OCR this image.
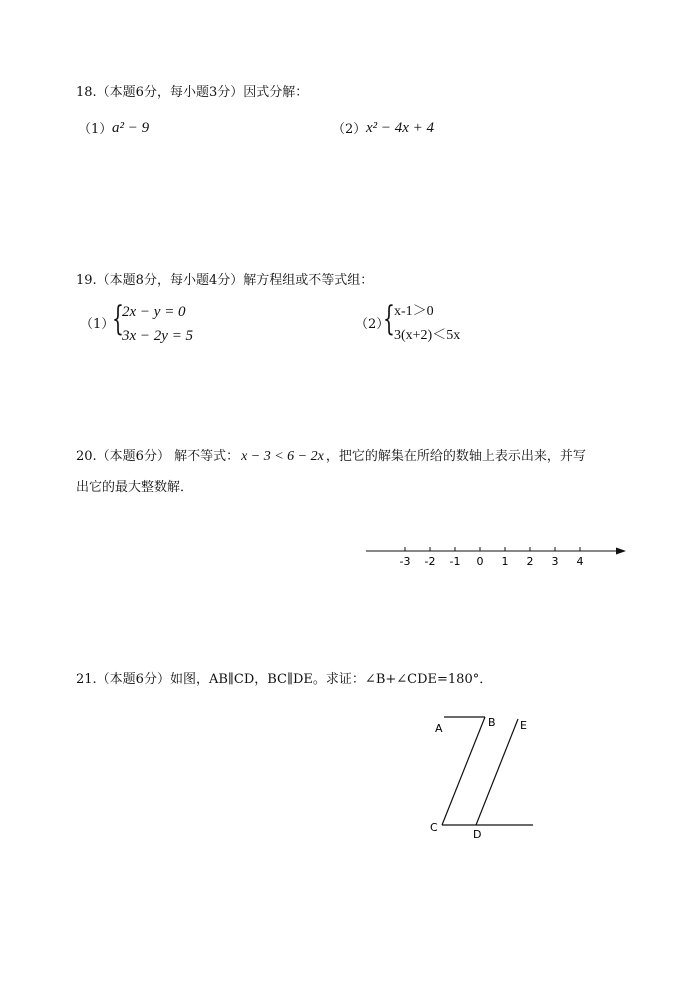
18.（本题6分，每小题3分）因式分解：
（1） a² − 9	（2） x² − 4x + 4
19.（本题8分，每小题4分）解方程组或不等式组：
（1）
{
2x − y = 0
3x − 2y = 5
（2）
{ x-1＞0
3(x+2)＜5x
20.（本题6分） 解不等式： x − 3 < 6 − 2x ，把它的解集在所给的数轴上表示出来，并写
出它的最大整数解．
-3 -2 -1 0 1 2 3 4
21.（本题6分）如图，AB∥CD，BC∥DE。求证：∠B+∠CDE=180°．
A	B E
C
D
